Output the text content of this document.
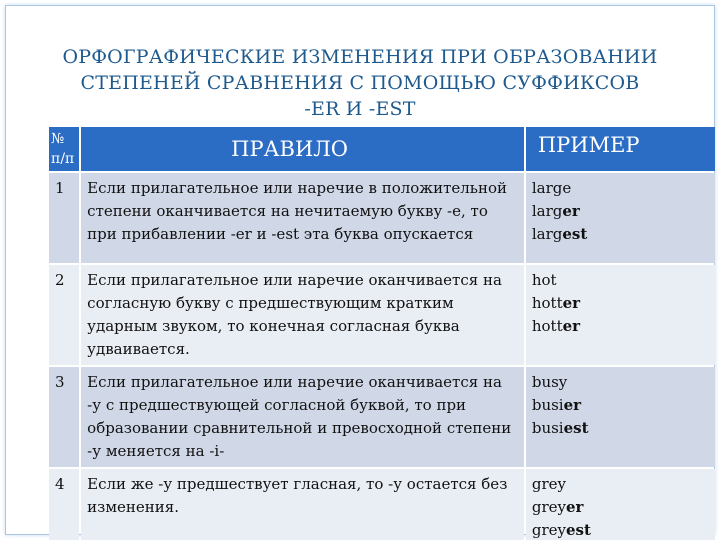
ОРФОГРАФИЧЕСКИЕ ИЗМЕНЕНИЯ ПРИ ОБРАЗОВАНИИ
СТЕПЕНЕЙ СРАВНЕНИЯ С ПОМОЩЬЮ СУФФИКСОВ
-ER И -EST
№ п/п	ПРАВИЛО	ПРИМЕР
1	Если прилагательное или наречие в положительной степени оканчивается на нечитаемую букву -е, то при прибавлении -er и -est эта буква опускается	large
larger
largest

2	Если прилагательное или наречие оканчивается на согласную букву с предшествующим кратким ударным звуком, то конечная согласная буква удваивается.	hot
hotter
hotter

3	Если прилагательное или наречие оканчивается на -у с предшествующей согласной буквой, то при образовании сравнительной и превосходной степени -у меняется на -i-	busy
busier
busiest

4	Если же -у предшествует гласная, то -у остается без изменения.	grey
greyer
greyest
